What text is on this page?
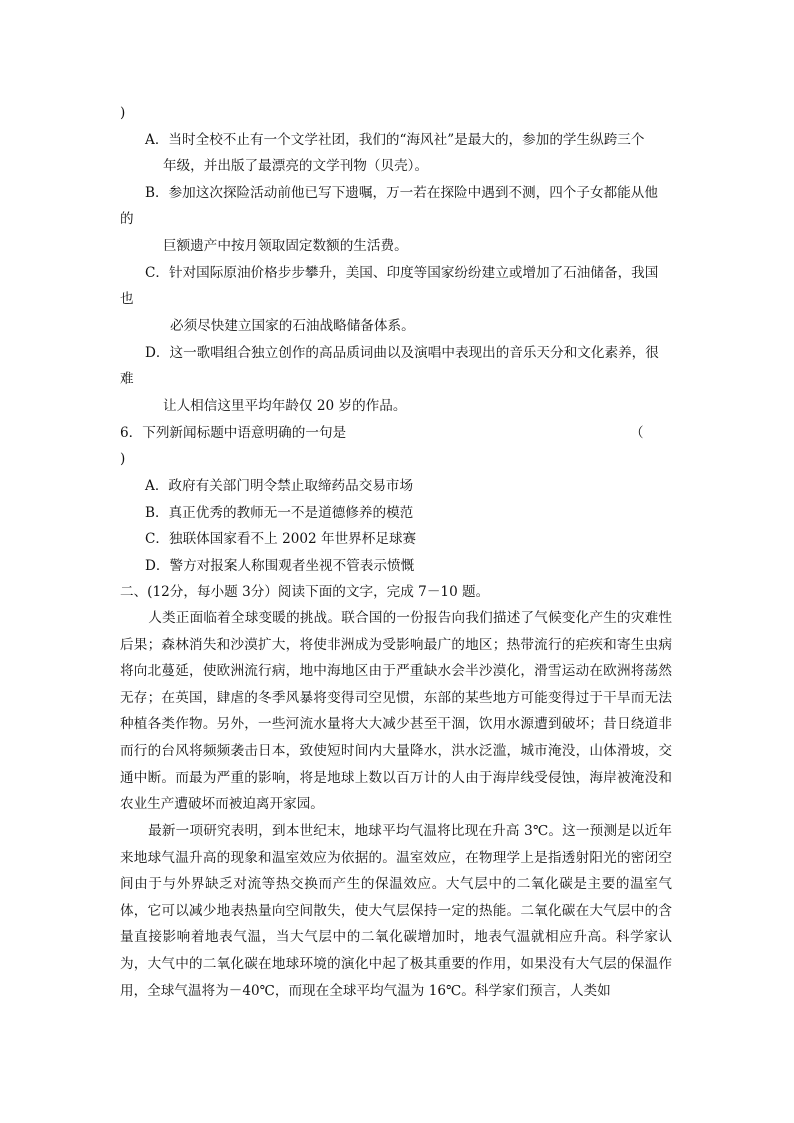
)
A．当时全校不止有一个文学社团，我们的“海风社”是最大的，参加的学生纵跨三个
年级，并出版了最漂亮的文学刊物（贝壳）。
B．参加这次探险活动前他已写下遗嘱，万一若在探险中遇到不测，四个子女都能从他
的
巨额遗产中按月领取固定数额的生活费。
C．针对国际原油价格步步攀升，美国、印度等国家纷纷建立或增加了石油储备，我国
也
必须尽快建立国家的石油战略储备体系。
D．这一歌唱组合独立创作的高品质词曲以及演唱中表现出的音乐天分和文化素养，很
难
让人相信这里平均年龄仅 20 岁的作品。
6．下列新闻标题中语意明确的一句是	（
)
A．政府有关部门明令禁止取缔药品交易市场
B．真正优秀的教师无一不是道德修养的模范
C．独联体国家看不上 2002 年世界杯足球赛
D．警方对报案人称围观者坐视不管表示愤慨
二、(12分，每小题 3分）阅读下面的文字，完成 7－10 题。
人类正面临着全球变暖的挑战。联合国的一份报告向我们描述了气候变化产生的灾难性后果；森林消失和沙漠扩大，将使非洲成为受影响最广的地区；热带流行的疟疾和寄生虫病将向北蔓延，使欧洲流行病，地中海地区由于严重缺水会半沙漠化，滑雪运动在欧洲将荡然无存；在英国，肆虐的冬季风暴将变得司空见惯，东部的某些地方可能变得过于干旱而无法种植各类作物。另外，一些河流水量将大大减少甚至干涸，饮用水源遭到破坏；昔日绕道非而行的台风将频频袭击日本，致使短时间内大量降水，洪水泛滥，城市淹没，山体滑坡，交通中断。而最为严重的影响，将是地球上数以百万计的人由于海岸线受侵蚀，海岸被淹没和农业生产遭破坏而被迫离开家园。
最新一项研究表明，到本世纪末，地球平均气温将比现在升高 3℃。这一预测是以近年来地球气温升高的现象和温室效应为依据的。温室效应，在物理学上是指透射阳光的密闭空间由于与外界缺乏对流等热交换而产生的保温效应。大气层中的二氧化碳是主要的温室气体，它可以减少地表热量向空间散失，使大气层保持一定的热能。二氧化碳在大气层中的含量直接影响着地表气温，当大气层中的二氧化碳增加时，地表气温就相应升高。科学家认为，大气中的二氧化碳在地球环境的演化中起了极其重要的作用，如果没有大气层的保温作用，全球气温将为－40℃，而现在全球平均气温为 16℃。科学家们预言，人类如
